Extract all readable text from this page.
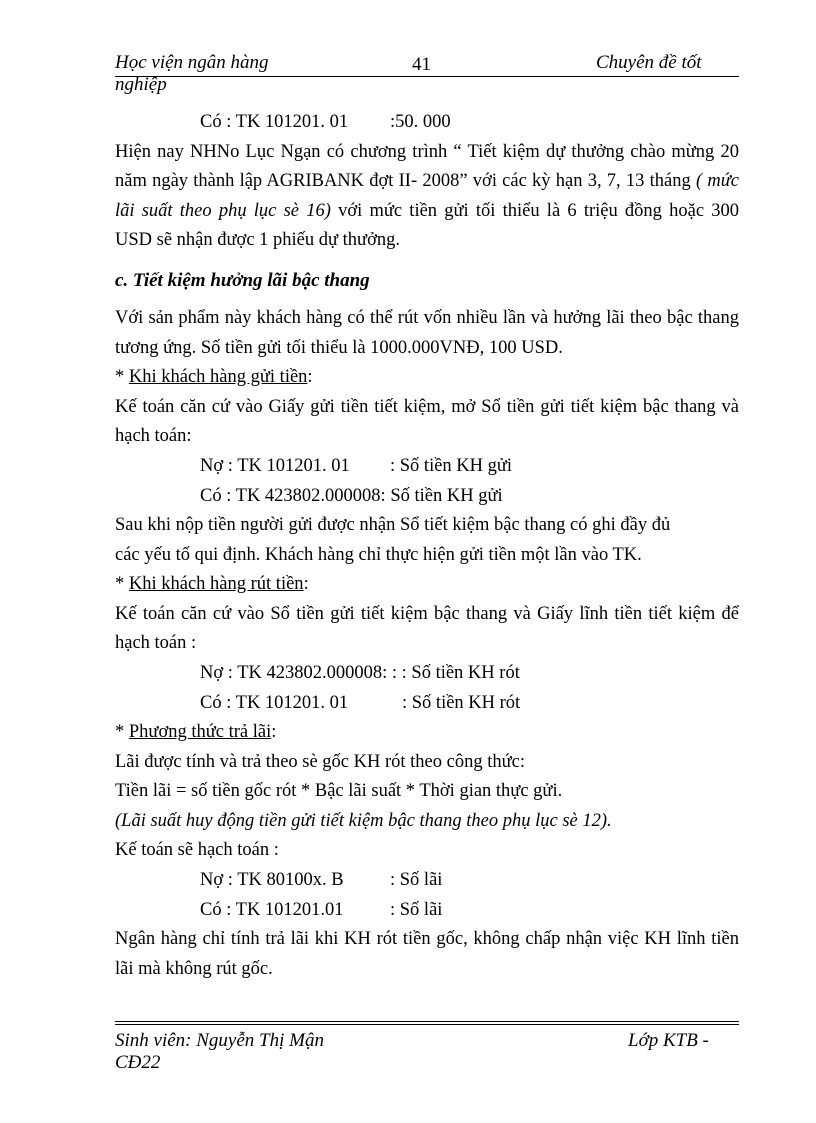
Học viện ngân hàng	41	Chuyên đề tốt
nghiệp
Có : TK 101201. 01 :50. 000
Hiện nay NHNo Lục Ngạn có chương trình “ Tiết kiệm dự thưởng chào mừng 20
năm ngày thành lập AGRIBANK đợt II- 2008” với các kỳ hạn 3, 7, 13 tháng ( mức
lãi suất theo phụ lục sè 16) với mức tiền gửi tối thiểu là 6 triệu đồng hoặc 300
USD sẽ nhận được 1 phiếu dự thưởng.
c. Tiết kiệm hưởng lãi bậc thang
Với sản phẩm này khách hàng có thể rút vốn nhiều lần và hưởng lãi theo bậc thang
tương ứng. Số tiền gửi tối thiểu là 1000.000VNĐ, 100 USD.
* Khi khách hàng gửi tiền:
Kế toán căn cứ vào Giấy gửi tiền tiết kiệm, mở Sổ tiền gửi tiết kiệm bậc thang và
hạch toán:
Nợ : TK 101201. 01 : Số tiền KH gửi
Có : TK 423802.000008: Số tiền KH gửi
Sau khi nộp tiền người gửi được nhận Sổ tiết kiệm bậc thang có ghi đầy đủ
các yếu tố qui định. Khách hàng chỉ thực hiện gửi tiền một lần vào TK.
* Khi khách hàng rút tiền:
Kế toán căn cứ vào Sổ tiền gửi tiết kiệm bậc thang và Giấy lĩnh tiền tiết kiệm để
hạch toán :
Nợ : TK 423802.000008: : : Số tiền KH rót
Có : TK 101201. 01	: Số tiền KH rót
* Phương thức trả lãi:
Lãi được tính và trả theo sè gốc KH rót theo công thức:
Tiền lãi = số tiền gốc rót * Bậc lãi suất * Thời gian thực gửi.
(Lãi suất huy động tiền gửi tiết kiệm bậc thang theo phụ lục sè 12).
Kế toán sẽ hạch toán :
Nợ : TK 80100x. B	: Số lãi
Có : TK 101201.01	: Số lãi
Ngân hàng chỉ tính trả lãi khi KH rót tiền gốc, không chấp nhận việc KH lĩnh tiền
lãi mà không rút gốc.
Sinh viên: Nguyễn Thị Mận	Lớp KTB -
CĐ22
